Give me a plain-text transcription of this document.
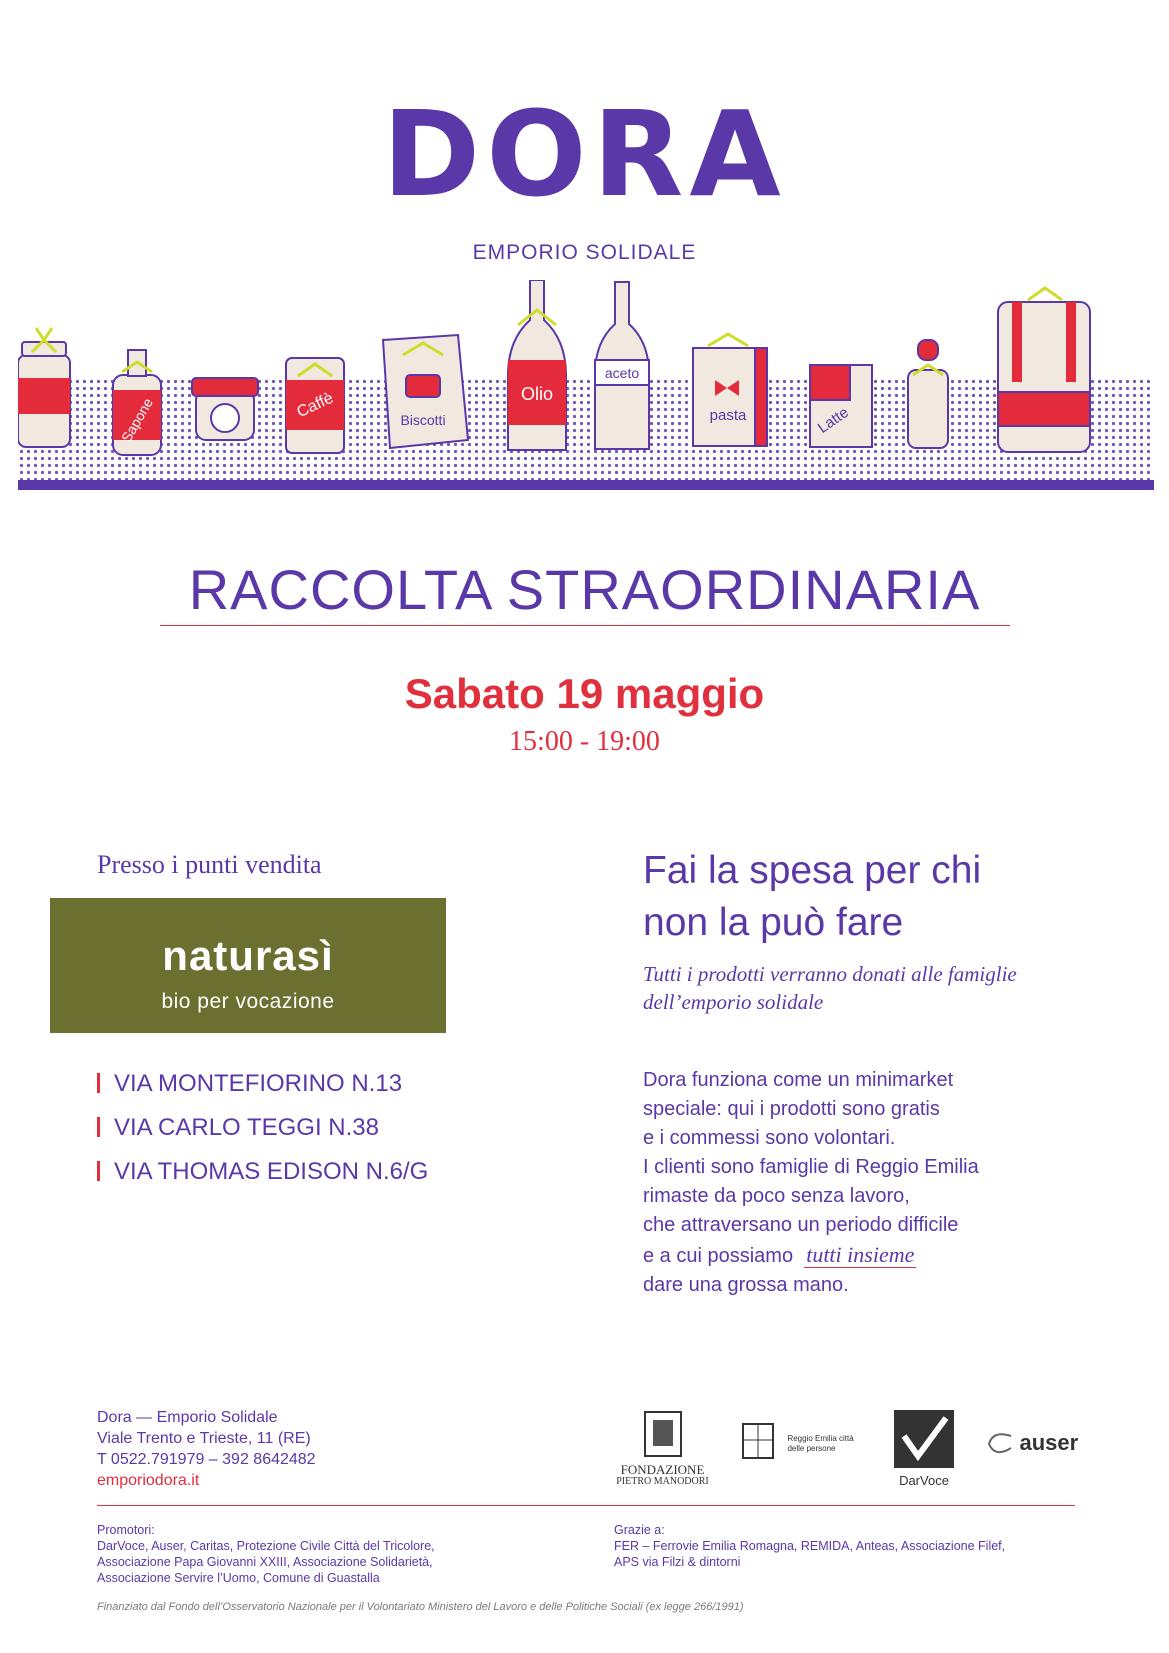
DORA
EMPORIO SOLIDALE
Sapone	Caffè	Biscotti
Olio
aceto
pasta	Latte
RACCOLTA STRAORDINARIA
Sabato 19 maggio
15:00 - 19:00
Presso i punti vendita
naturasì
bio per vocazione
VIA MONTEFIORINO N.13
VIA CARLO TEGGI N.38
VIA THOMAS EDISON N.6/G
Fai la spesa per chi
non la può fare
Tutti i prodotti verranno donati alle famiglie
dell’emporio solidale
Dora funziona come un minimarket
speciale: qui i prodotti sono gratis
e i commessi sono volontari.
I clienti sono famiglie di Reggio Emilia
rimaste da poco senza lavoro,
che attraversano un periodo difficile
e a cui possiamo tutti insieme
dare una grossa mano.
Dora — Emporio Solidale
Viale Trento e Trieste, 11 (RE)
T 0522.791979 – 392 8642482
emporiodora.it
FONDAZIONE
PIETRO MANODORI
Reggio Emilia città delle persone
DarVoce
auser
Promotori:
DarVoce, Auser, Caritas, Protezione Civile Città del Tricolore,
Associazione Papa Giovanni XXIII, Associazione Solidarietà,
Associazione Servire l’Uomo, Comune di Guastalla
Grazie a:
FER – Ferrovie Emilia Romagna, REMIDA, Anteas, Associazione Filef,
APS via Filzi & dintorni
Finanziato dal Fondo dell’Osservatorio Nazionale per il Volontariato Ministero del Lavoro e delle Politiche Sociali (ex legge 266/1991)
